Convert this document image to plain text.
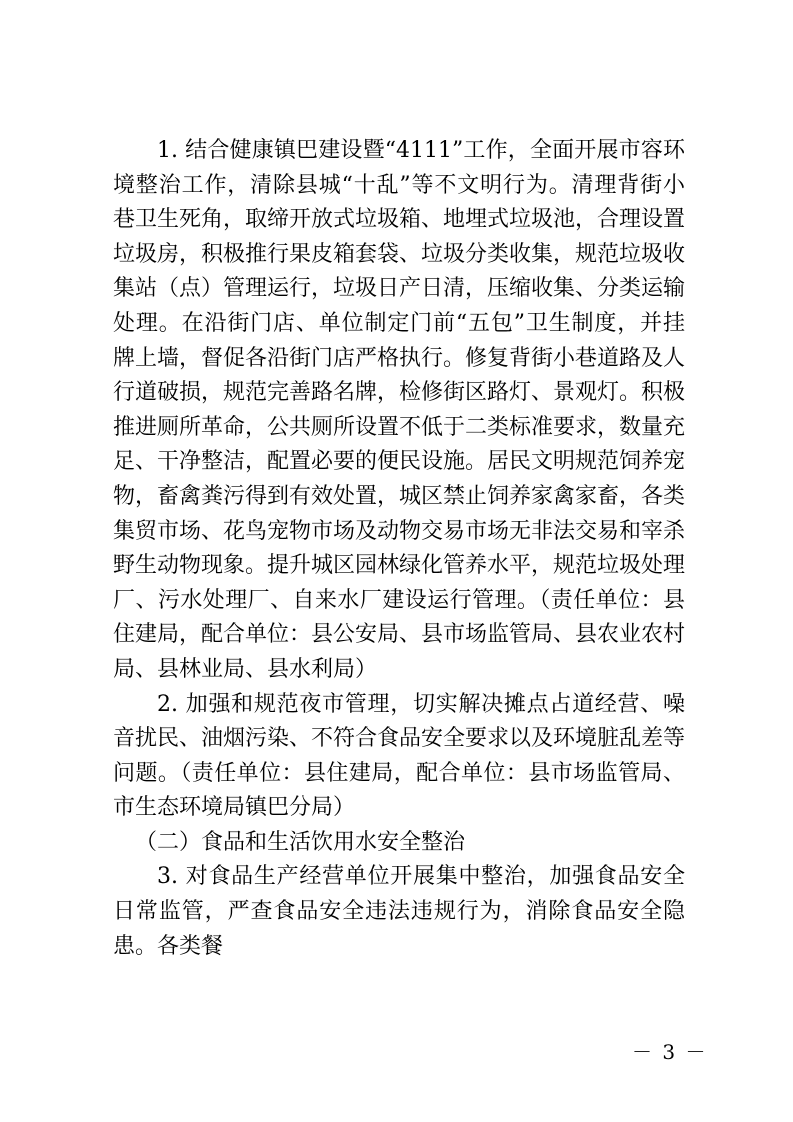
1. 结合健康镇巴建设暨“4111”工作，全面开展市容环境整治工作，清除县城“十乱”等不文明行为。清理背街小巷卫生死角，取缔开放式垃圾箱、地埋式垃圾池，合理设置垃圾房，积极推行果皮箱套袋、垃圾分类收集，规范垃圾收集站（点）管理运行，垃圾日产日清，压缩收集、分类运输处理。在沿街门店、单位制定门前“五包”卫生制度，并挂牌上墙，督促各沿街门店严格执行。修复背街小巷道路及人行道破损，规范完善路名牌，检修街区路灯、景观灯。积极推进厕所革命，公共厕所设置不低于二类标准要求，数量充足、干净整洁，配置必要的便民设施。居民文明规范饲养宠物，畜禽粪污得到有效处置，城区禁止饲养家禽家畜，各类集贸市场、花鸟宠物市场及动物交易市场无非法交易和宰杀野生动物现象。提升城区园林绿化管养水平，规范垃圾处理厂、污水处理厂、自来水厂建设运行管理。（责任单位：县住建局，配合单位：县公安局、县市场监管局、县农业农村局、县林业局、县水利局）

2. 加强和规范夜市管理，切实解决摊点占道经营、噪音扰民、油烟污染、不符合食品安全要求以及环境脏乱差等问题。（责任单位：县住建局，配合单位：县市场监管局、市生态环境局镇巴分局）

（二）食品和生活饮用水安全整治

3. 对食品生产经营单位开展集中整治，加强食品安全日常监管，严查食品安全违法违规行为，消除食品安全隐患。各类餐

－ 3 －
